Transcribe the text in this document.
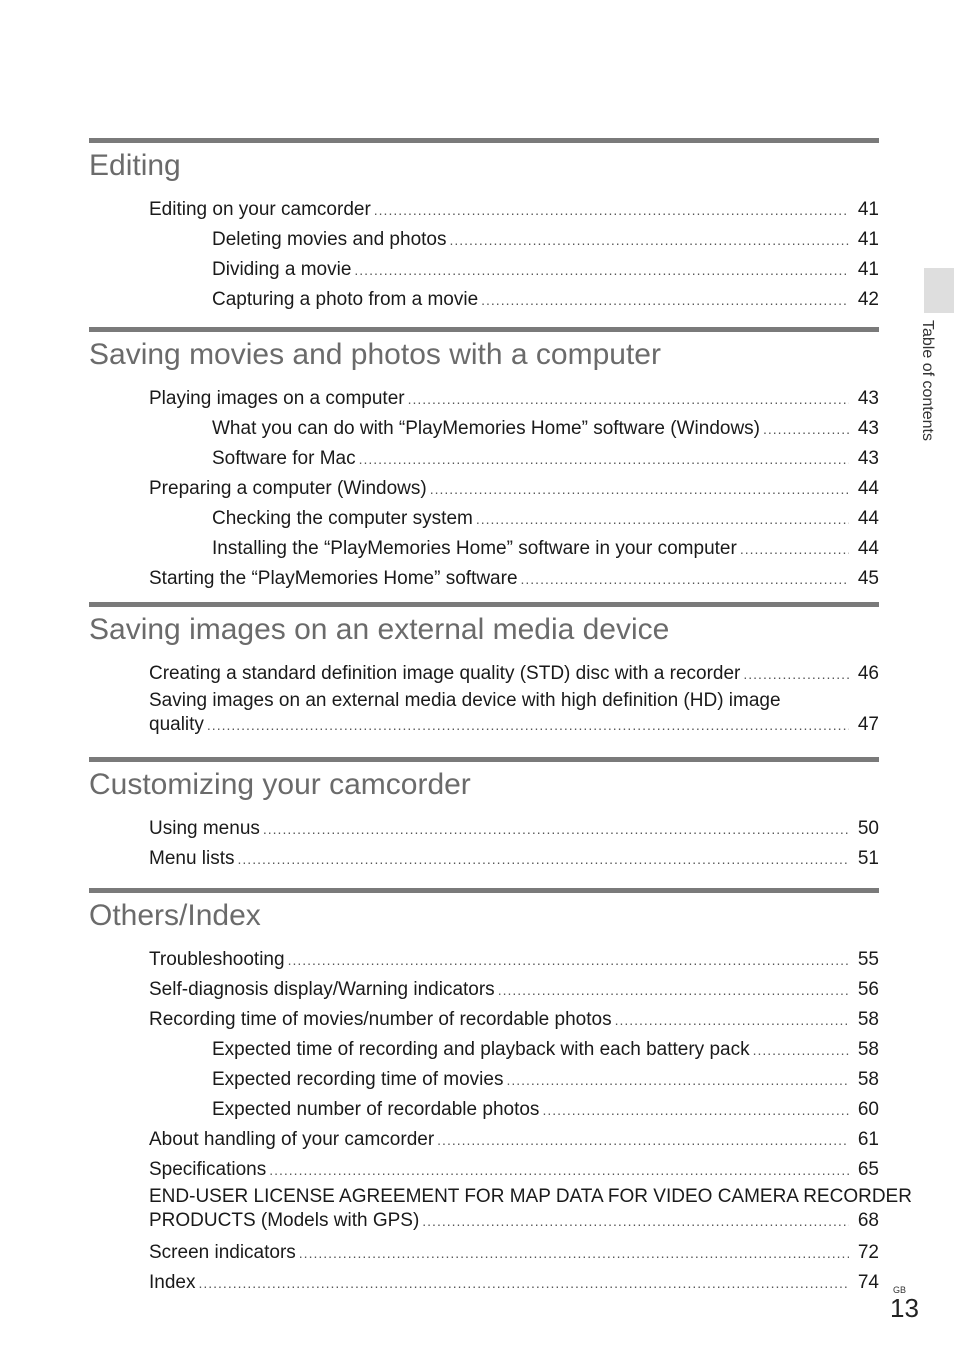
Editing
Editing on your camcorder .....	41
Deleting movies and photos .....	41
Dividing a movie .....	41
Capturing a photo from a movie .....	42
Saving movies and photos with a computer
Playing images on a computer .....	43
What you can do with “PlayMemories Home” software (Windows) .....	43
Software for Mac .....	43
Preparing a computer (Windows) .....	44
Checking the computer system .....	44
Installing the “PlayMemories Home” software in your computer .....	44
Starting the “PlayMemories Home” software .....	45
Saving images on an external media device
Creating a standard definition image quality (STD) disc with a recorder .....	46
Saving images on an external media device with high definition (HD) image
quality .....	47
Customizing your camcorder
Using menus .....	50
Menu lists .....	51
Others/Index
Troubleshooting .....	55
Self-diagnosis display/Warning indicators .....	56
Recording time of movies/number of recordable photos .....	58
Expected time of recording and playback with each battery pack .....	58
Expected recording time of movies .....	58
Expected number of recordable photos .....	60
About handling of your camcorder .....	61
Specifications .....	65
END-USER LICENSE AGREEMENT FOR MAP DATA FOR VIDEO CAMERA RECORDER
PRODUCTS (Models with GPS) .....	68
Screen indicators .....	72
Index .....	74
Table of contents
GB
13
